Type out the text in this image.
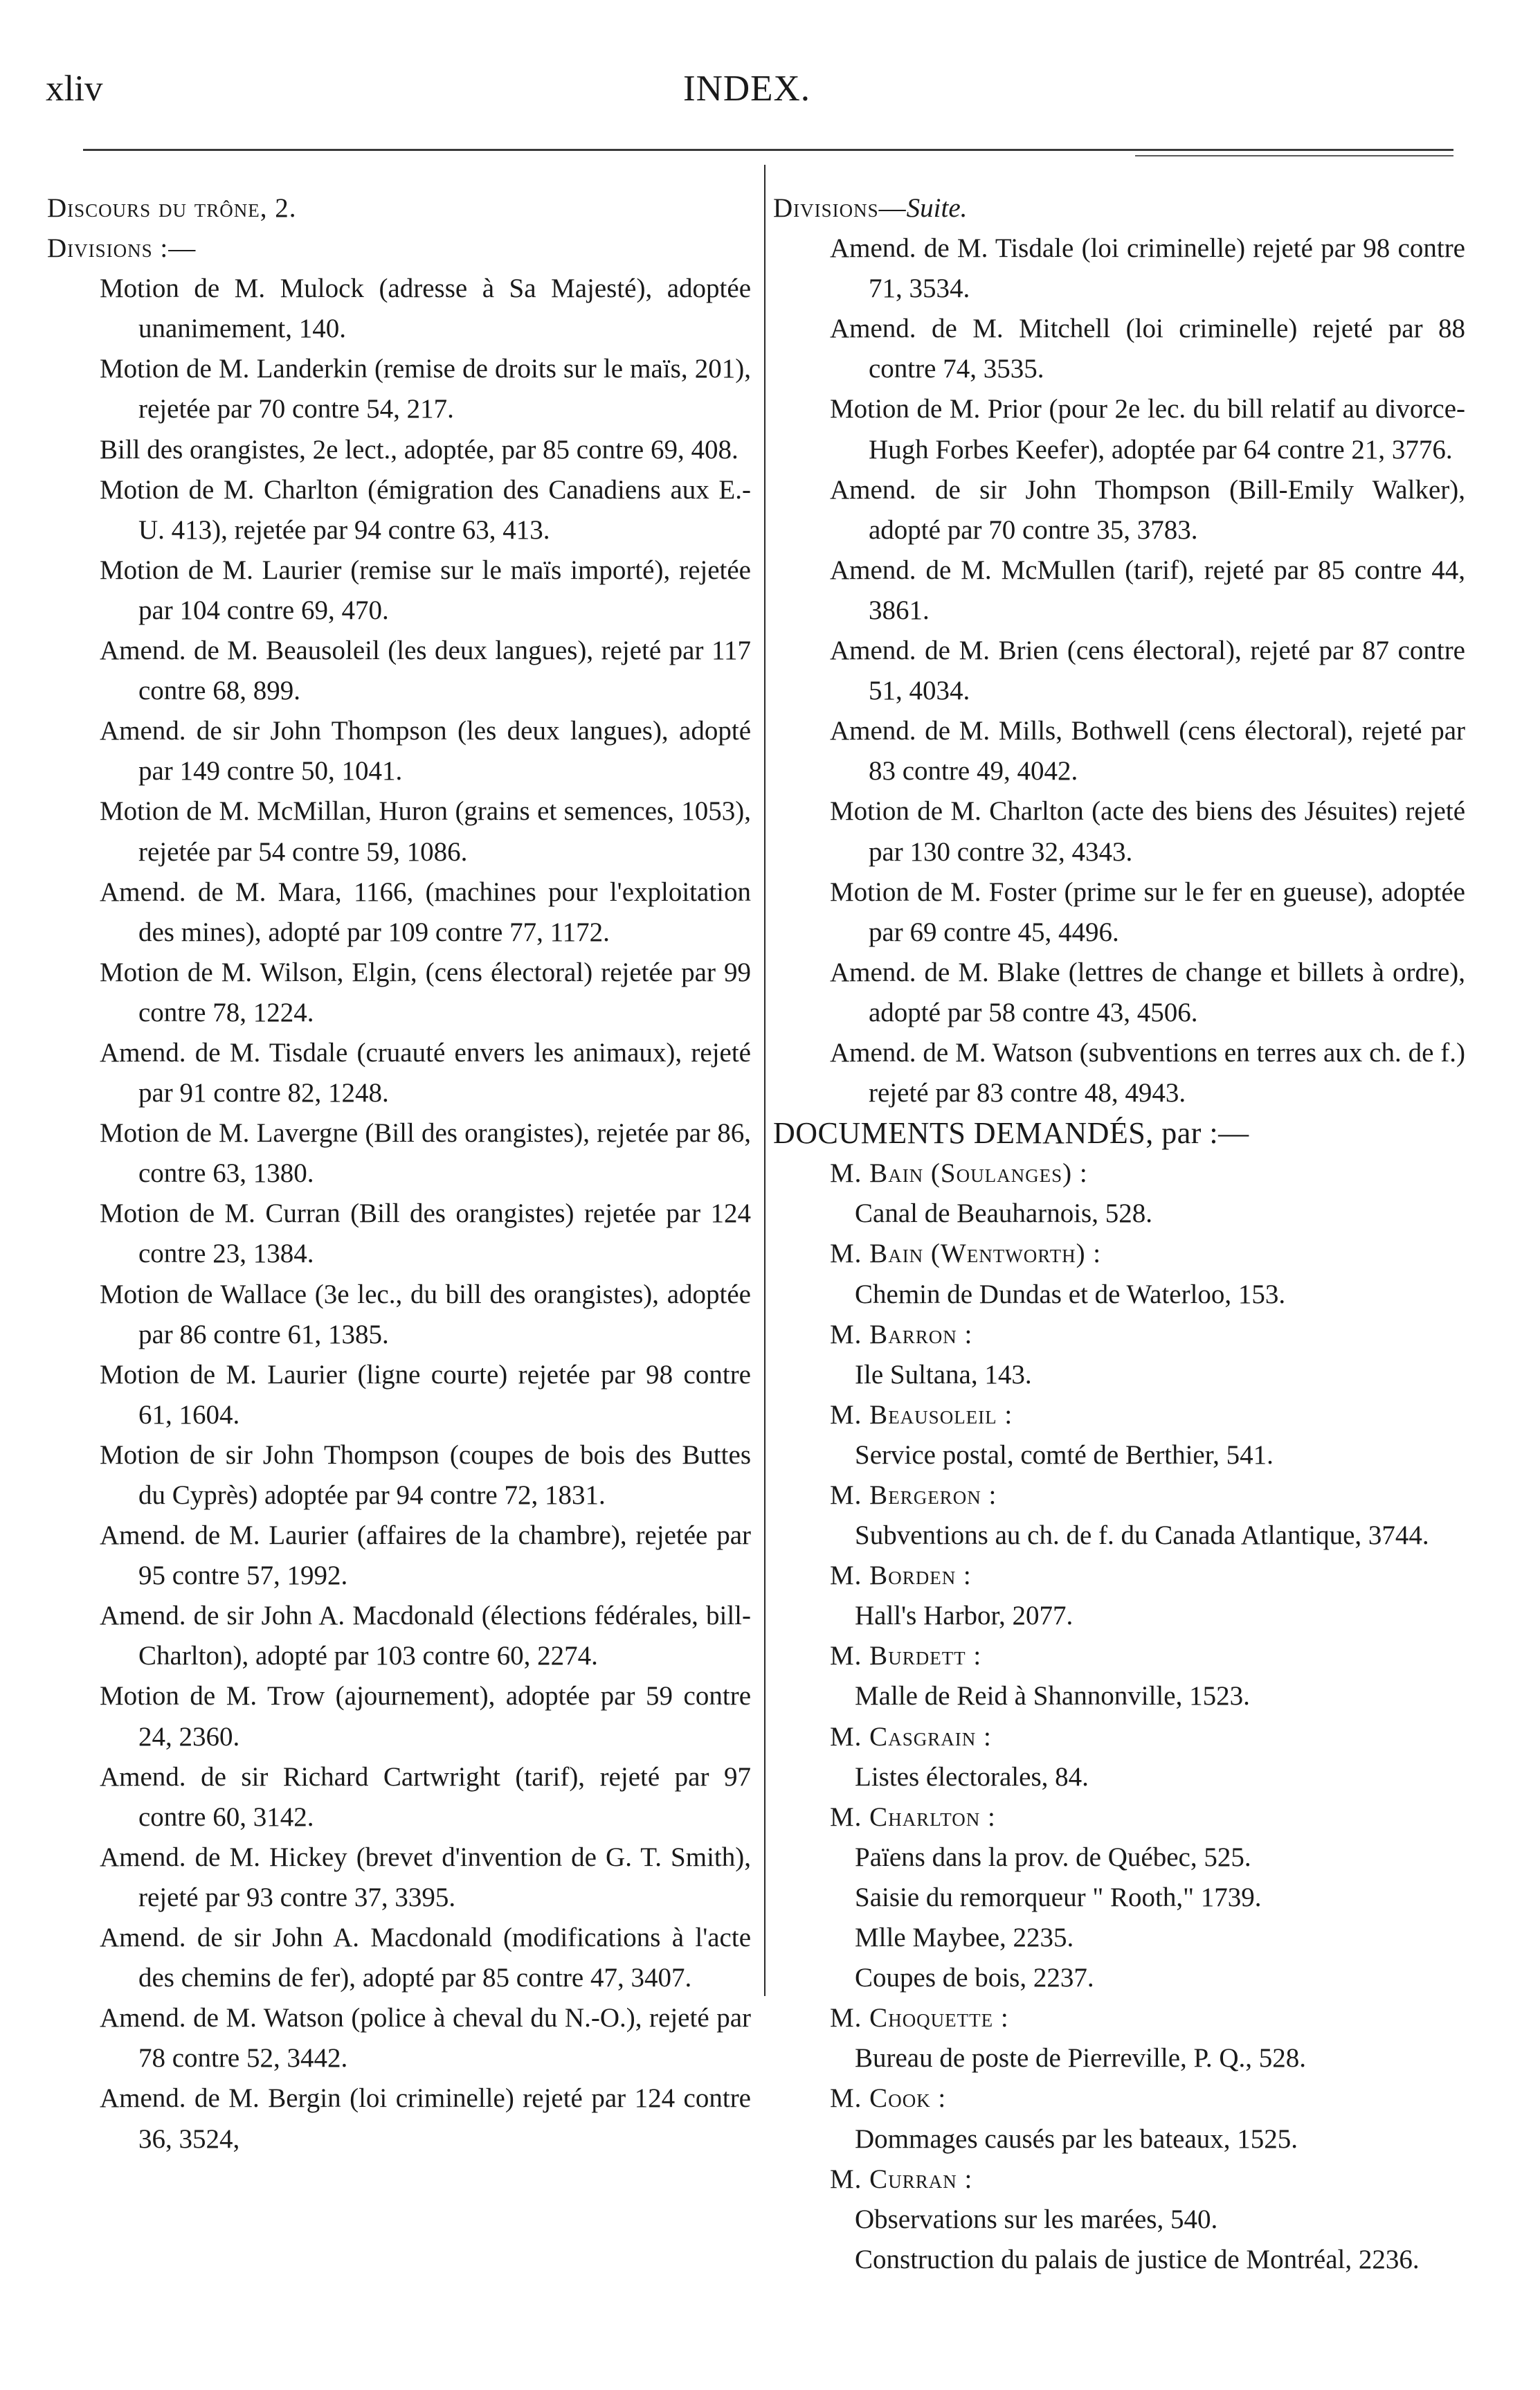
xliv	INDEX.
Discours du trône, 2.
Divisions :—
Motion de M. Mulock (adresse à Sa Majesté), adoptée unanimement, 140.
Motion de M. Landerkin (remise de droits sur le maïs, 201), rejetée par 70 contre 54, 217.
Bill des orangistes, 2e lect., adoptée, par 85 contre 69, 408.
Motion de M. Charlton (émigration des Canadiens aux E.-U. 413), rejetée par 94 contre 63, 413.
Motion de M. Laurier (remise sur le maïs importé), rejetée par 104 contre 69, 470.
Amend. de M. Beausoleil (les deux langues), rejeté par 117 contre 68, 899.
Amend. de sir John Thompson (les deux langues), adopté par 149 contre 50, 1041.
Motion de M. McMillan, Huron (grains et semences, 1053), rejetée par 54 contre 59, 1086.
Amend. de M. Mara, 1166, (machines pour l'exploitation des mines), adopté par 109 contre 77, 1172.
Motion de M. Wilson, Elgin, (cens électoral) rejetée par 99 contre 78, 1224.
Amend. de M. Tisdale (cruauté envers les animaux), rejeté par 91 contre 82, 1248.
Motion de M. Lavergne (Bill des orangistes), rejetée par 86, contre 63, 1380.
Motion de M. Curran (Bill des orangistes) rejetée par 124 contre 23, 1384.
Motion de Wallace (3e lec., du bill des orangistes), adoptée par 86 contre 61, 1385.
Motion de M. Laurier (ligne courte) rejetée par 98 contre 61, 1604.
Motion de sir John Thompson (coupes de bois des Buttes du Cyprès) adoptée par 94 contre 72, 1831.
Amend. de M. Laurier (affaires de la chambre), rejetée par 95 contre 57, 1992.
Amend. de sir John A. Macdonald (élections fédérales, bill-Charlton), adopté par 103 contre 60, 2274.
Motion de M. Trow (ajournement), adoptée par 59 contre 24, 2360.
Amend. de sir Richard Cartwright (tarif), rejeté par 97 contre 60, 3142.
Amend. de M. Hickey (brevet d'invention de G. T. Smith), rejeté par 93 contre 37, 3395.
Amend. de sir John A. Macdonald (modifications à l'acte des chemins de fer), adopté par 85 contre 47, 3407.
Amend. de M. Watson (police à cheval du N.-O.), rejeté par 78 contre 52, 3442.
Amend. de M. Bergin (loi criminelle) rejeté par 124 contre 36, 3524,
Divisions—Suite.
Amend. de M. Tisdale (loi criminelle) rejeté par 98 contre 71, 3534.
Amend. de M. Mitchell (loi criminelle) rejeté par 88 contre 74, 3535.
Motion de M. Prior (pour 2e lec. du bill relatif au divorce-Hugh Forbes Keefer), adoptée par 64 contre 21, 3776.
Amend. de sir John Thompson (Bill-Emily Walker), adopté par 70 contre 35, 3783.
Amend. de M. McMullen (tarif), rejeté par 85 contre 44, 3861.
Amend. de M. Brien (cens électoral), rejeté par 87 contre 51, 4034.
Amend. de M. Mills, Bothwell (cens électoral), rejeté par 83 contre 49, 4042.
Motion de M. Charlton (acte des biens des Jésuites) rejeté par 130 contre 32, 4343.
Motion de M. Foster (prime sur le fer en gueuse), adoptée par 69 contre 45, 4496.
Amend. de M. Blake (lettres de change et billets à ordre), adopté par 58 contre 43, 4506.
Amend. de M. Watson (subventions en terres aux ch. de f.) rejeté par 83 contre 48, 4943.
DOCUMENTS DEMANDÉS, par :—
M. Bain (Soulanges) :
Canal de Beauharnois, 528.
M. Bain (Wentworth) :
Chemin de Dundas et de Waterloo, 153.
M. Barron :
Ile Sultana, 143.
M. Beausoleil :
Service postal, comté de Berthier, 541.
M. Bergeron :
Subventions au ch. de f. du Canada Atlantique, 3744.
M. Borden :
Hall's Harbor, 2077.
M. Burdett :
Malle de Reid à Shannonville, 1523.
M. Casgrain :
Listes électorales, 84.
M. Charlton :
Païens dans la prov. de Québec, 525.
Saisie du remorqueur " Rooth," 1739.
Mlle Maybee, 2235.
Coupes de bois, 2237.
M. Choquette :
Bureau de poste de Pierreville, P. Q., 528.
M. Cook :
Dommages causés par les bateaux, 1525.
M. Curran :
Observations sur les marées, 540.
Construction du palais de justice de Montréal, 2236.
